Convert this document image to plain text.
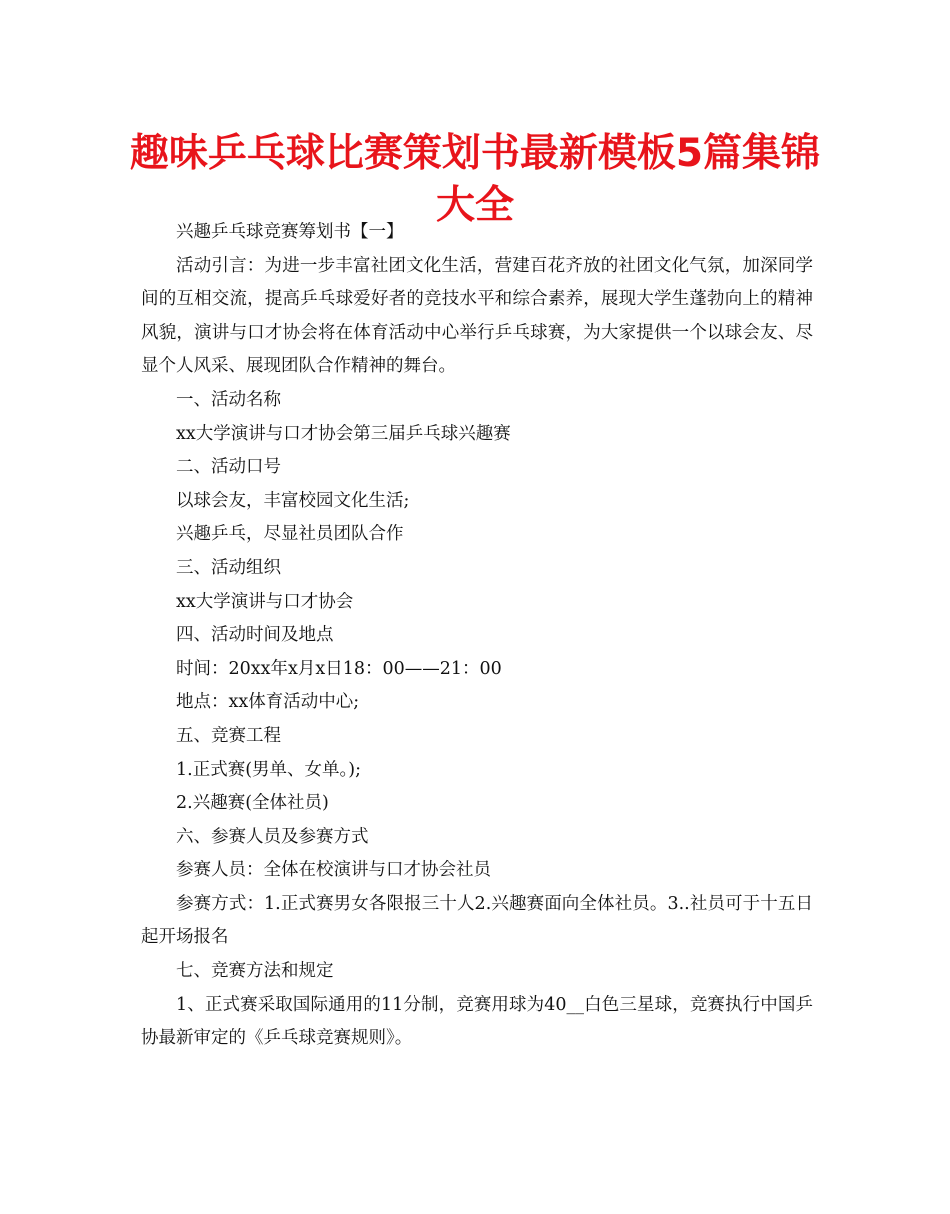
趣味乒乓球比赛策划书最新模板5篇集锦大全

兴趣乒乓球竞赛筹划书【一】

活动引言：为进一步丰富社团文化生活，营建百花齐放的社团文化气氛，加深同学间的互相交流，提高乒乓球爱好者的竞技水平和综合素养，展现大学生蓬勃向上的精神风貌，演讲与口才协会将在体育活动中心举行乒乓球赛，为大家提供一个以球会友、尽显个人风采、展现团队合作精神的舞台。

一、活动名称

xx大学演讲与口才协会第三届乒乓球兴趣赛

二、活动口号

以球会友，丰富校园文化生活;

兴趣乒乓，尽显社员团队合作

三、活动组织

xx大学演讲与口才协会

四、活动时间及地点

时间：20xx年x月x日18：00——21：00

地点：xx体育活动中心;

五、竞赛工程

1.正式赛(男单、女单。);

2.兴趣赛(全体社员)

六、参赛人员及参赛方式

参赛人员：全体在校演讲与口才协会社员

参赛方式：1.正式赛男女各限报三十人2.兴趣赛面向全体社员。3..社员可于十五日起开场报名

七、竞赛方法和规定

1、正式赛采取国际通用的11分制，竞赛用球为40__白色三星球，竞赛执行中国乒协最新审定的《乒乓球竞赛规则》。
